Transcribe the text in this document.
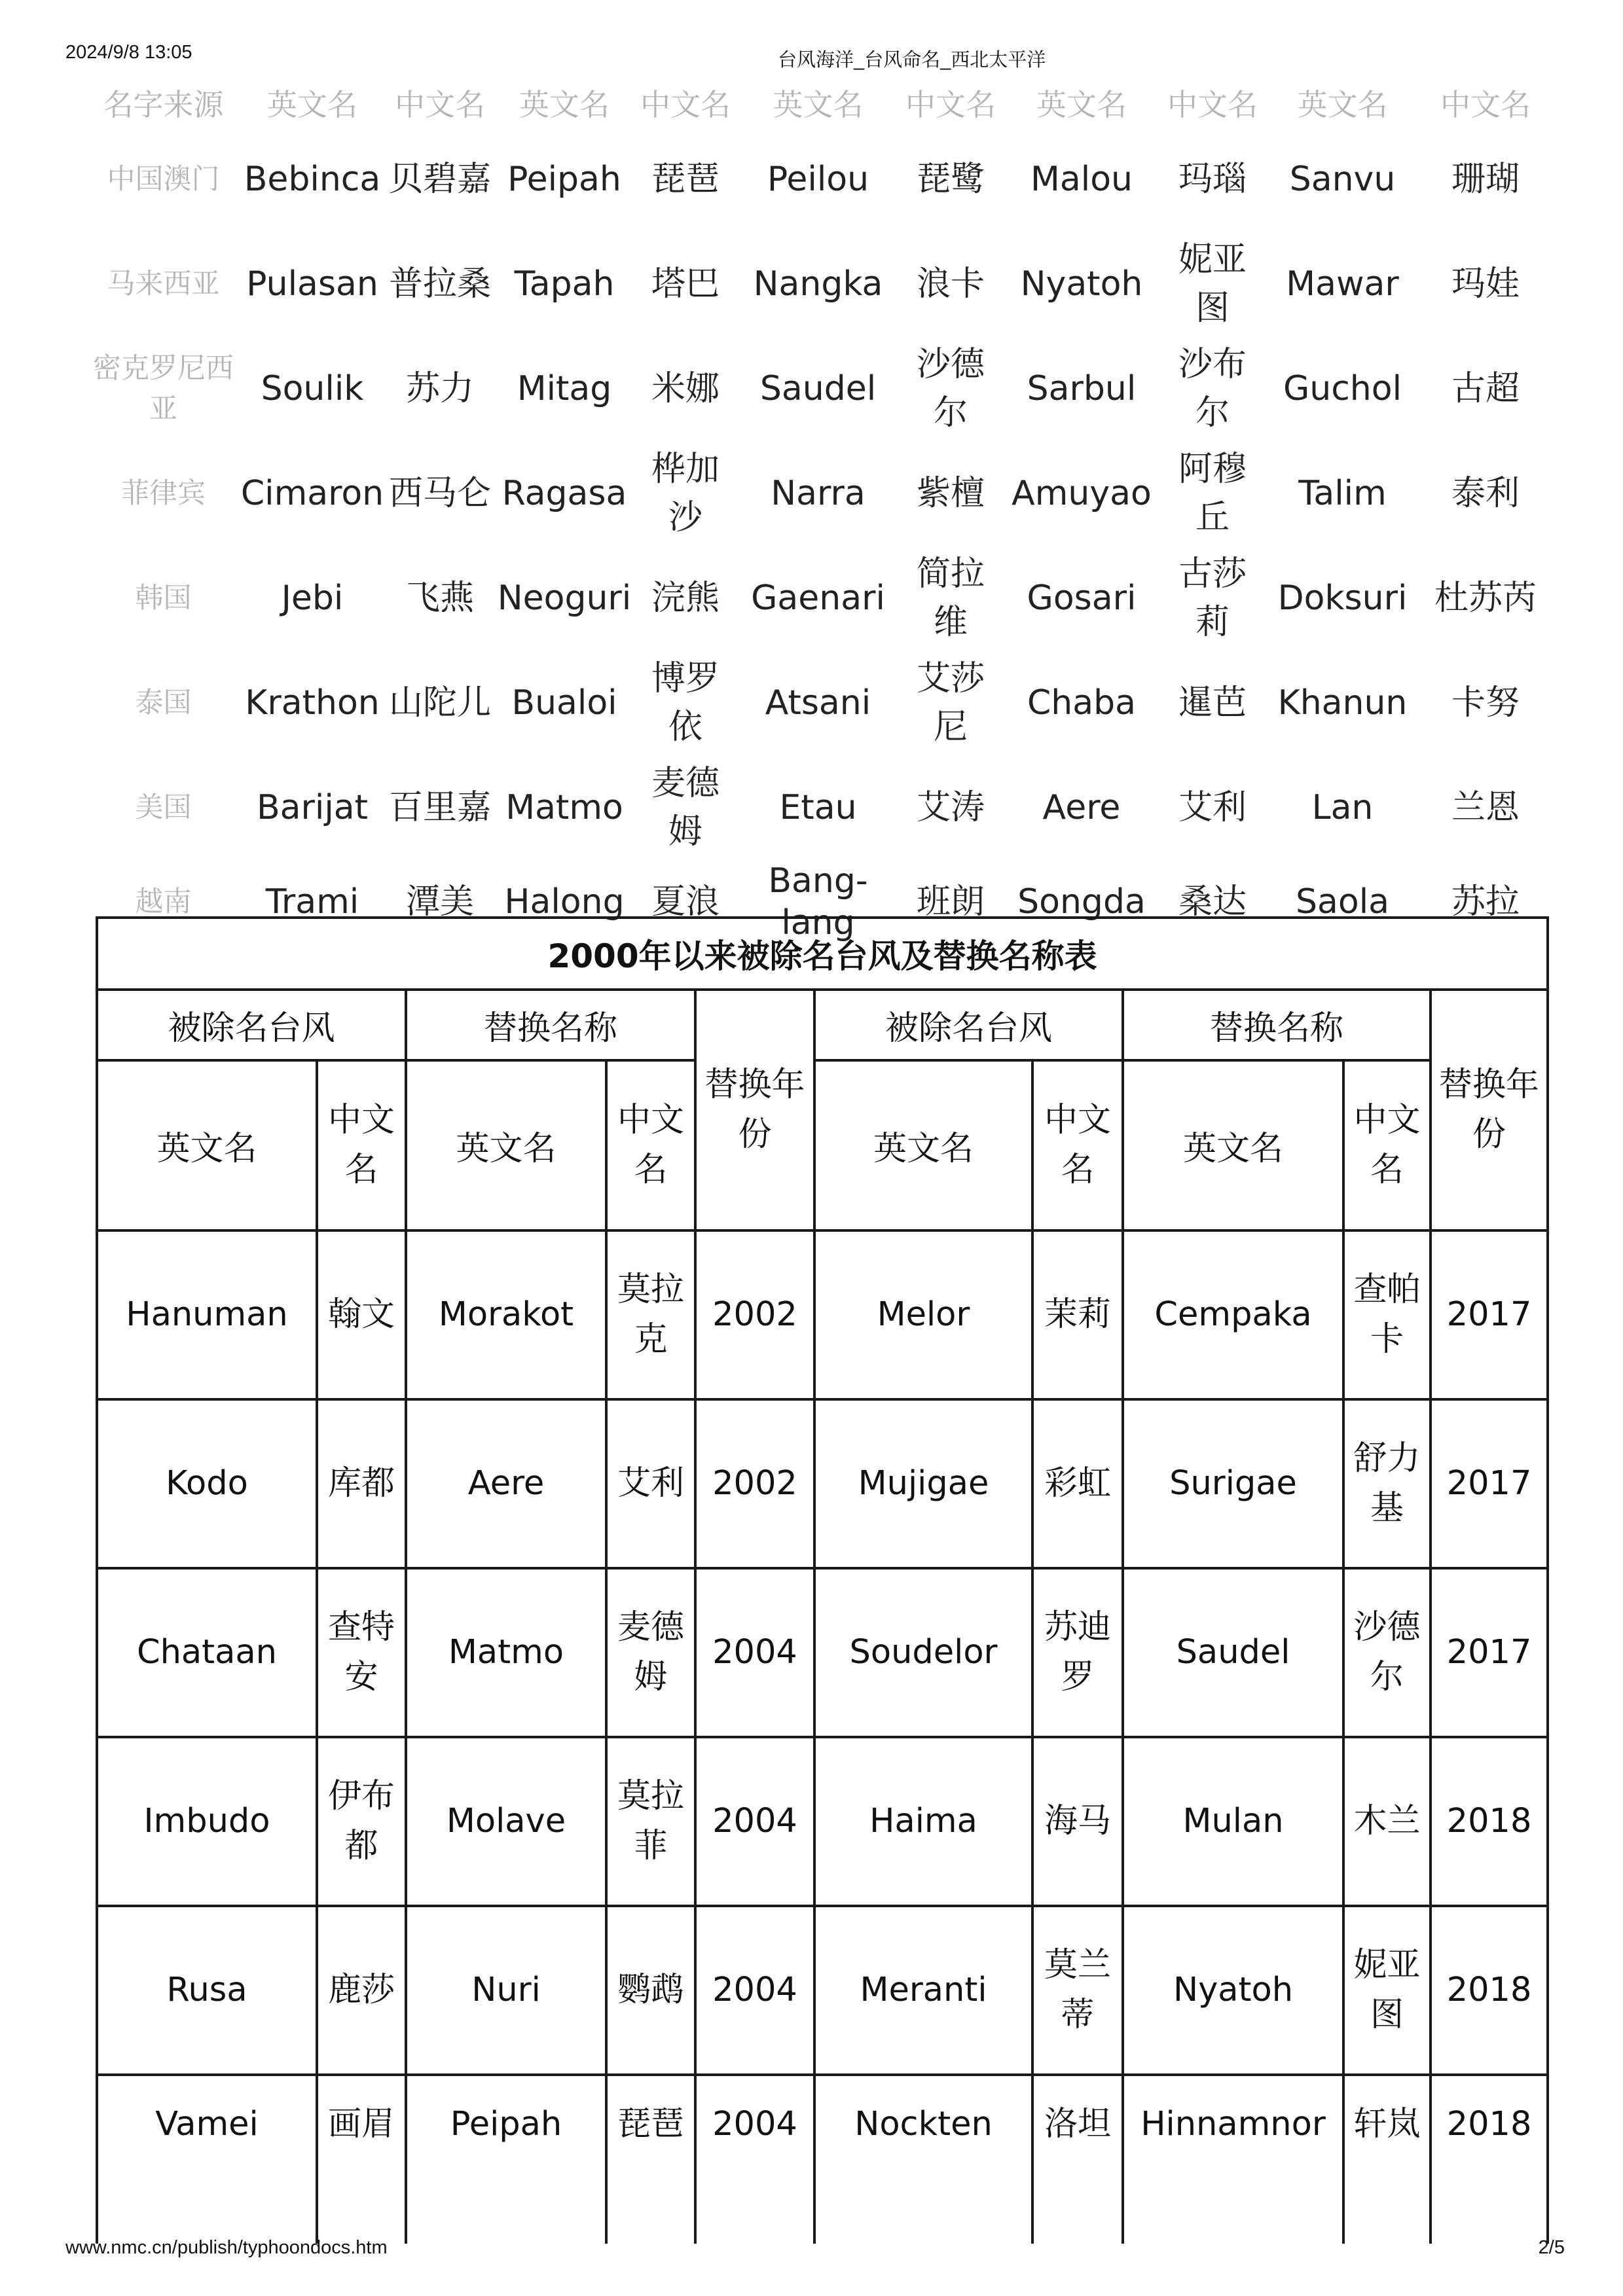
2024/9/8 13:05	台风海洋_台风命名_西北太平洋
名字来源	英文名	中文名	英文名	中文名	英文名	中文名	英文名	中文名	英文名	中文名
中国澳门	Bebinca	贝碧嘉	Peipah	琵琶	Peilou	琵鹭	Malou	玛瑙	Sanvu	珊瑚
马来西亚	Pulasan	普拉桑	Tapah	塔巴	Nangka	浪卡	Nyatoh	妮亚图	Mawar	玛娃
密克罗尼西亚	Soulik	苏力	Mitag	米娜	Saudel	沙德尔	Sarbul	沙布尔	Guchol	古超
菲律宾	Cimaron	西马仑	Ragasa	桦加沙	Narra	紫檀	Amuyao	阿穆丘	Talim	泰利
韩国	Jebi	飞燕	Neoguri	浣熊	Gaenari	简拉维	Gosari	古莎莉	Doksuri	杜苏芮
泰国	Krathon	山陀儿	Bualoi	博罗依	Atsani	艾莎尼	Chaba	暹芭	Khanun	卡努
美国	Barijat	百里嘉	Matmo	麦德姆	Etau	艾涛	Aere	艾利	Lan	兰恩
越南	Trami	潭美	Halong	夏浪	Bang-lang	班朗	Songda	桑达	Saola	苏拉
2000年以来被除名台风及替换名称表									
被除名台风		替换名称		替换年份	被除名台风		替换名称		替换年份
英文名	中文名	英文名	中文名		英文名	中文名	英文名	中文名	
Hanuman	翰文	Morakot	莫拉克	2002	Melor	茉莉	Cempaka	查帕卡	2017
Kodo	库都	Aere	艾利	2002	Mujigae	彩虹	Surigae	舒力基	2017
Chataan	查特安	Matmo	麦德姆	2004	Soudelor	苏迪罗	Saudel	沙德尔	2017
Imbudo	伊布都	Molave	莫拉菲	2004	Haima	海马	Mulan	木兰	2018
Rusa	鹿莎	Nuri	鹦鹉	2004	Meranti	莫兰蒂	Nyatoh	妮亚图	2018
Vamei	画眉	Peipah	琵琶	2004	Nockten	洛坦	Hinnamnor	轩岚	2018
www.nmc.cn/publish/typhoondocs.htm	2/5
